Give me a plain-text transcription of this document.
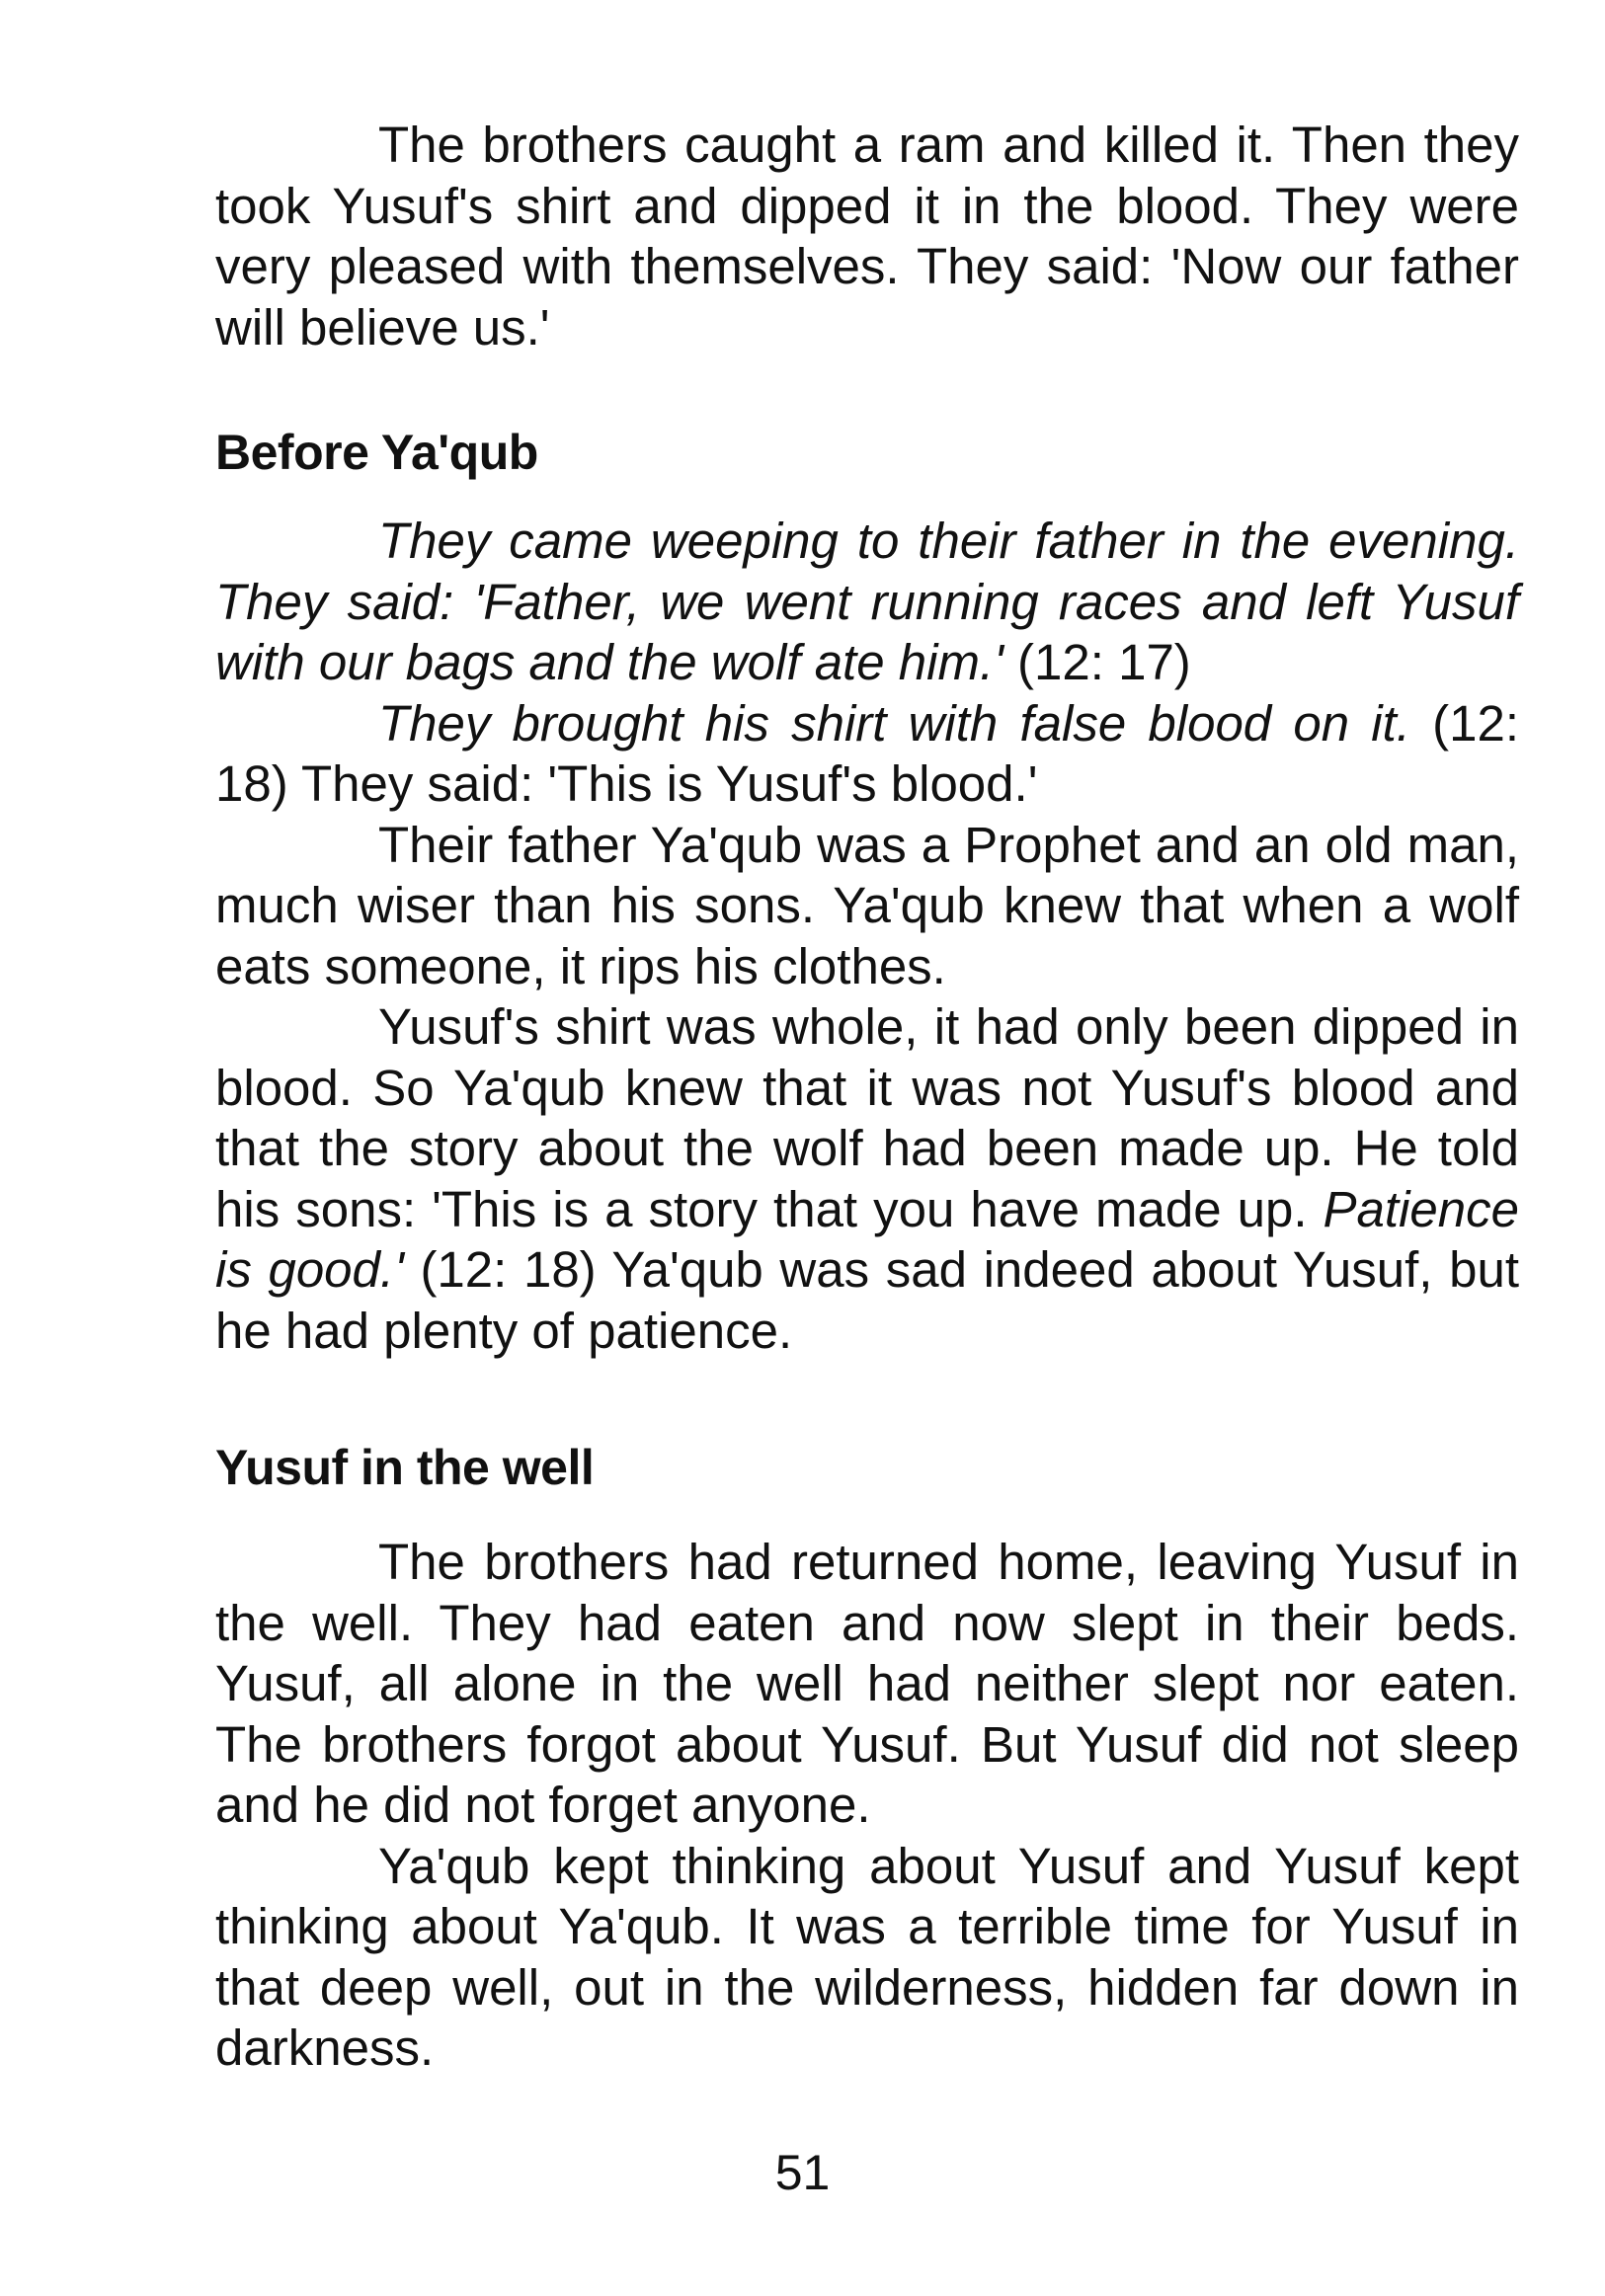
The brothers caught a ram and killed it. Then they took Yusuf's shirt and dipped it in the blood. They were very pleased with themselves. They said: 'Now our father will believe us.'

Before Ya'qub

They came weeping to their father in the evening. They said: 'Father, we went running races and left Yusuf with our bags and the wolf ate him.' (12: 17)

They brought his shirt with false blood on it. (12: 18) They said: 'This is Yusuf's blood.'

Their father Ya'qub was a Prophet and an old man, much wiser than his sons. Ya'qub knew that when a wolf eats someone, it rips his clothes.

Yusuf's shirt was whole, it had only been dipped in blood. So Ya'qub knew that it was not Yusuf's blood and that the story about the wolf had been made up. He told his sons: 'This is a story that you have made up. Patience is good.' (12: 18) Ya'qub was sad indeed about Yusuf, but he had plenty of patience.

Yusuf in the well

The brothers had returned home, leaving Yusuf in the well. They had eaten and now slept in their beds. Yusuf, all alone in the well had neither slept nor eaten. The brothers forgot about Yusuf. But Yusuf did not sleep and he did not forget anyone.

Ya'qub kept thinking about Yusuf and Yusuf kept thinking about Ya'qub. It was a terrible time for Yusuf in that deep well, out in the wilderness, hidden far down in darkness.

51
